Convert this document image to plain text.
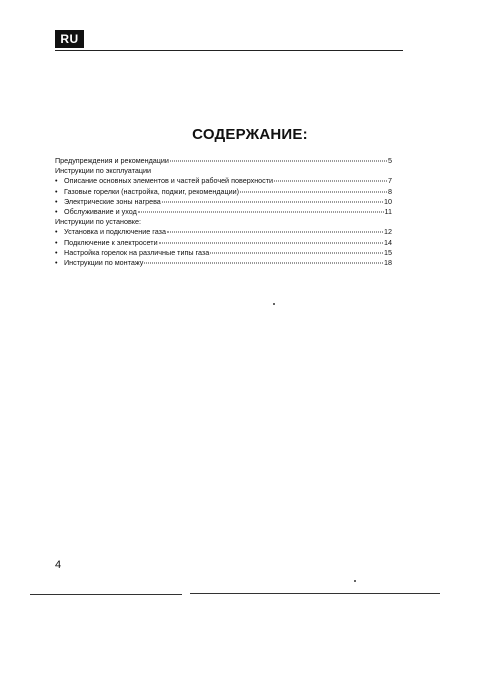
RU
СОДЕРЖАНИЕ:
Предупреждения и рекомендации	5
Инструкции по эксплуатации
• Описание основных элементов и частей рабочей поверхности	7
• Газовые горелки (настройка, поджиг, рекомендации)	8
• Электрические зоны нагрева	10
• Обслуживание и уход	11
Инструкции по установке:
• Установка и подключение газа	12
• Подключение к электросети	14
• Настройка горелок на различные типы газа	15
• Инструкции по монтажу	18
4
